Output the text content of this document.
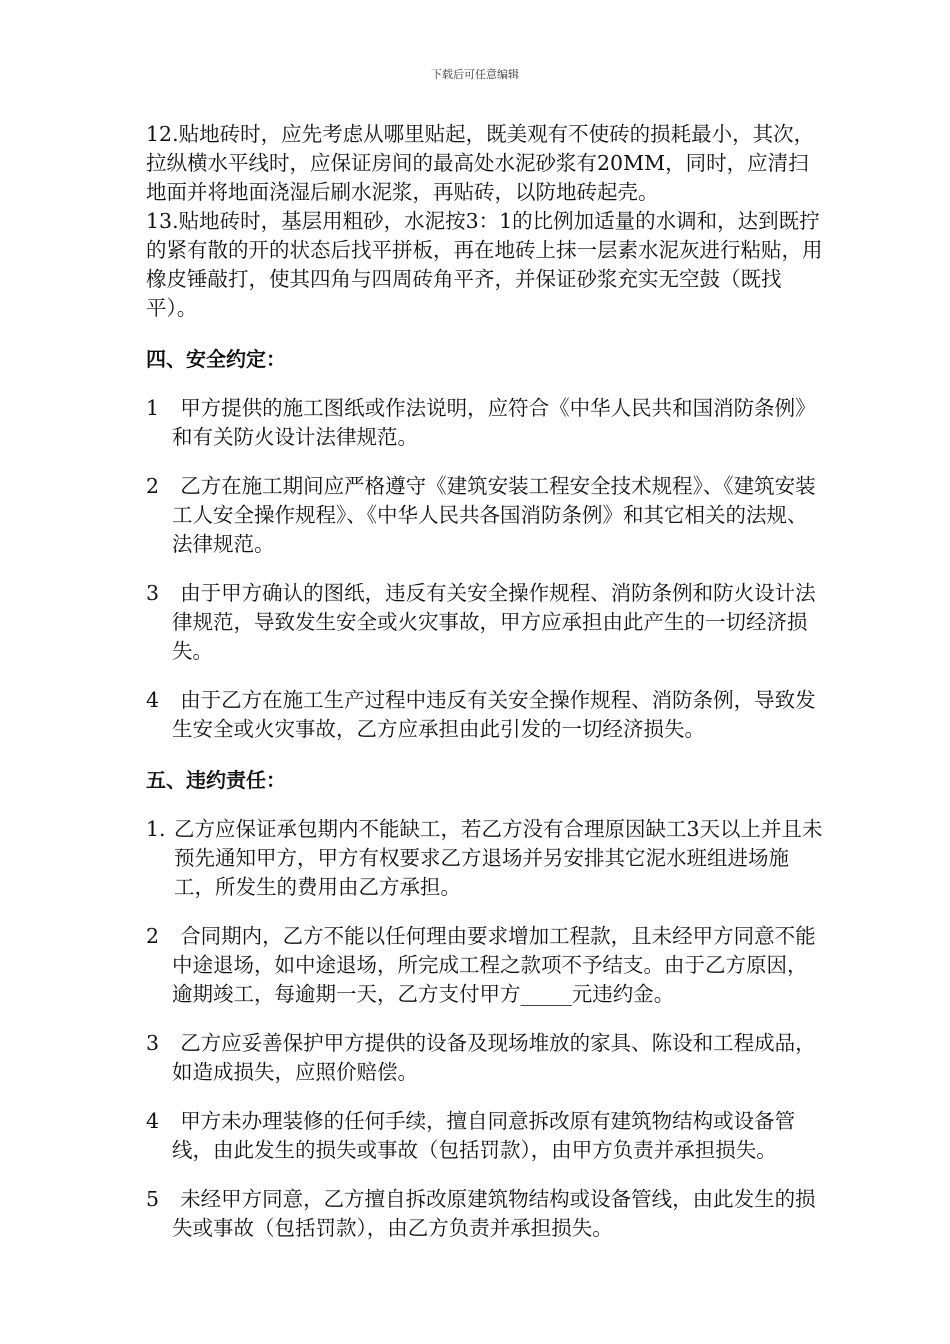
下载后可任意编辑

12.贴地砖时，应先考虑从哪里贴起，既美观有不使砖的损耗最小，其次，拉纵横水平线时，应保证房间的最高处水泥砂浆有20MM，同时，应清扫地面并将地面浇湿后刷水泥浆，再贴砖，以防地砖起壳。

13.贴地砖时，基层用粗砂，水泥按3：1的比例加适量的水调和，达到既拧的紧有散的开的状态后找平拼板，再在地砖上抹一层素水泥灰进行粘贴，用橡皮锤敲打，使其四角与四周砖角平齐，并保证砂浆充实无空鼓（既找平）。

四、安全约定：
1	甲方提供的施工图纸或作法说明，应符合《中华人民共和国消防条例》和有关防火设计法律规范。
2	乙方在施工期间应严格遵守《建筑安装工程安全技术规程》、《建筑安装工人安全操作规程》、《中华人民共各国消防条例》和其它相关的法规、法律规范。
3	由于甲方确认的图纸，违反有关安全操作规程、消防条例和防火设计法律规范，导致发生安全或火灾事故，甲方应承担由此产生的一切经济损失。
4	由于乙方在施工生产过程中违反有关安全操作规程、消防条例，导致发生安全或火灾事故，乙方应承担由此引发的一切经济损失。
五、违约责任：
1. 乙方应保证承包期内不能缺工，若乙方没有合理原因缺工3天以上并且未预先通知甲方，甲方有权要求乙方退场并另安排其它泥水班组进场施工，所发生的费用由乙方承担。
2	合同期内，乙方不能以任何理由要求增加工程款，且未经甲方同意不能中途退场，如中途退场，所完成工程之款项不予结支。由于乙方原因，逾期竣工，每逾期一天，乙方支付甲方_____元违约金。
3	乙方应妥善保护甲方提供的设备及现场堆放的家具、陈设和工程成品，如造成损失，应照价赔偿。
4	甲方未办理装修的任何手续，擅自同意拆改原有建筑物结构或设备管线，由此发生的损失或事故（包括罚款），由甲方负责并承担损失。
5	未经甲方同意，乙方擅自拆改原建筑物结构或设备管线，由此发生的损失或事故（包括罚款），由乙方负责并承担损失。
